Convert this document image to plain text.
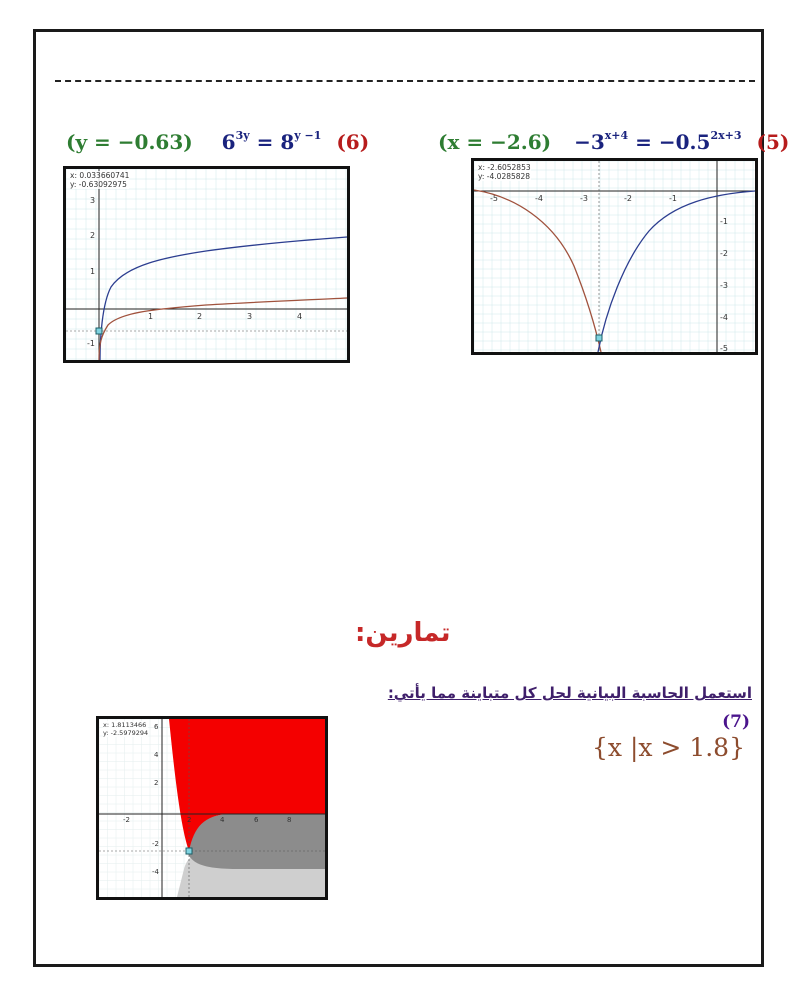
(y = −0.63) $6^{3y} = 8^{y -1}$ (6)	$(x = -2.6) -3^{x+4} = -0.5^{2x+3}$ (5)
1	2	3	4
3
2
1
-1
x: 0.033660741
y: -0.63092975
-5	-4	-3	-2	-1
-1
-2
-3
-4
-5
x: -2.6052853
y: -4.0285828
تمارين:
استعمل الحاسبة البيانية لحل كل متباينة مما يأتي:
(7)
{x |x > 1.8}
-2	2	4	6	8
6
4
2
-2
-4
x: 1.8113466
y: -2.5979294
